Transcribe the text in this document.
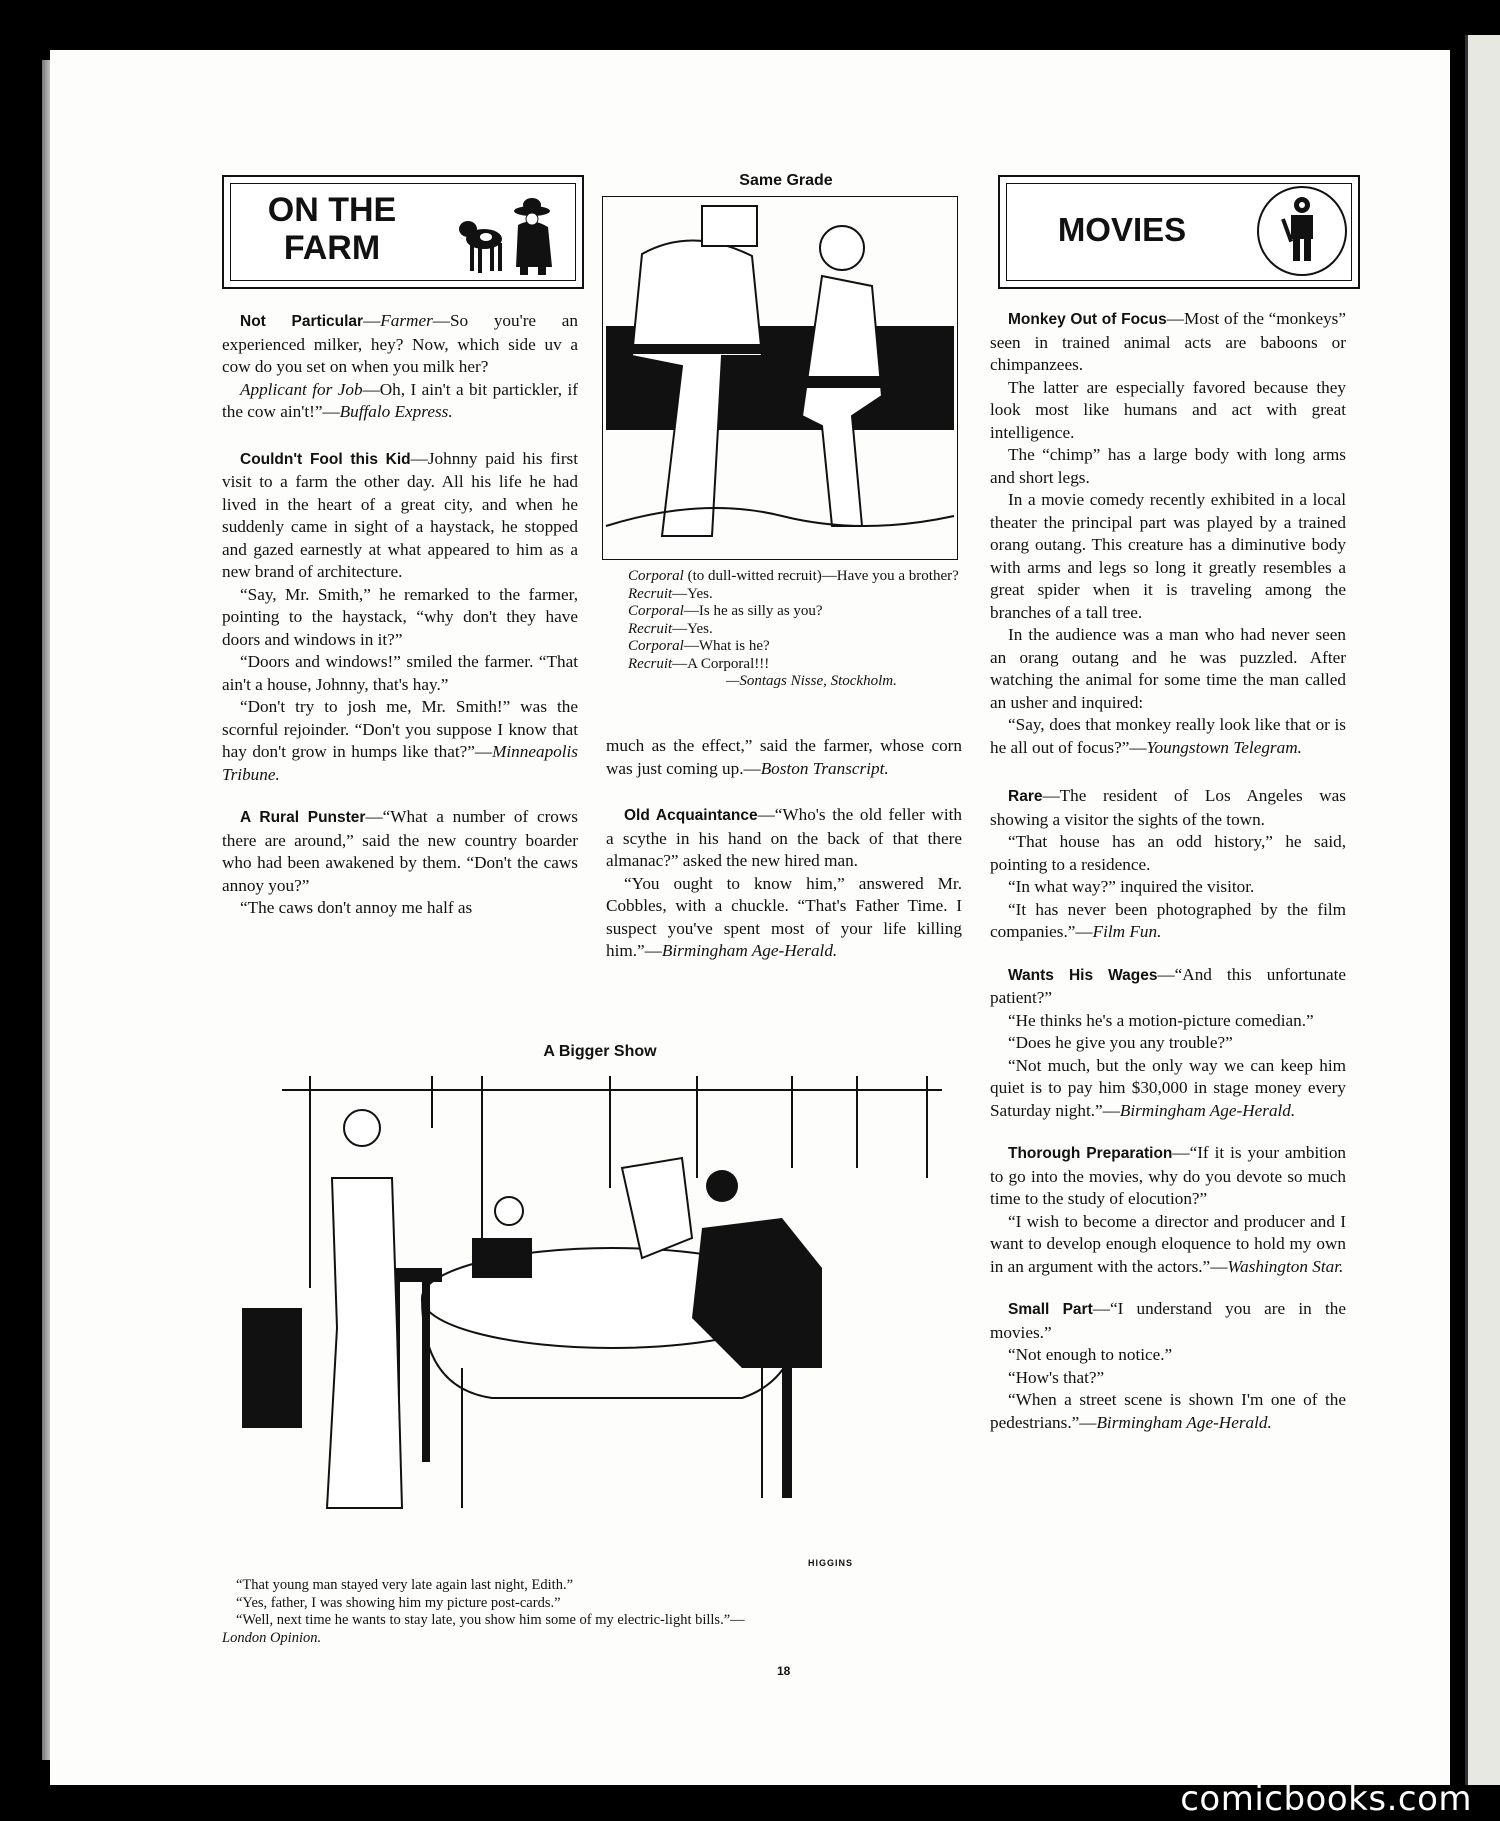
ON THE
FARM	MOVIES
Same Grade
Corporal (to dull-witted recruit)—Have you a brother?
Recruit—Yes.
Corporal—Is he as silly as you?
Recruit—Yes.
Corporal—What is he?
Recruit—A Corporal!!!
—Sontags Nisse, Stockholm.

Not Particular—Farmer—So you're an experienced milker, hey? Now, which side uv a cow do you set on when you milk her?

Applicant for Job—Oh, I ain't a bit partickler, if the cow ain't!”—Buffalo Express.

Couldn't Fool this Kid—Johnny paid his first visit to a farm the other day. All his life he had lived in the heart of a great city, and when he suddenly came in sight of a haystack, he stopped and gazed earnestly at what appeared to him as a new brand of architecture.

“Say, Mr. Smith,” he remarked to the farmer, pointing to the haystack, “why don't they have doors and windows in it?”

“Doors and windows!” smiled the farmer. “That ain't a house, Johnny, that's hay.”

“Don't try to josh me, Mr. Smith!” was the scornful rejoinder. “Don't you suppose I know that hay don't grow in humps like that?”—Minneapolis Tribune.

A Rural Punster—“What a number of crows there are around,” said the new country boarder who had been awakened by them. “Don't the caws annoy you?”

“The caws don't annoy me half as

much as the effect,” said the farmer, whose corn was just coming up.—Boston Transcript.

Old Acquaintance—“Who's the old feller with a scythe in his hand on the back of that there almanac?” asked the new hired man.

“You ought to know him,” answered Mr. Cobbles, with a chuckle. “That's Father Time. I suspect you've spent most of your life killing him.”—Birmingham Age-Herald.

Monkey Out of Focus—Most of the “monkeys” seen in trained animal acts are baboons or chimpanzees.

The latter are especially favored because they look most like humans and act with great intelligence.

The “chimp” has a large body with long arms and short legs.

In a movie comedy recently exhibited in a local theater the principal part was played by a trained orang outang. This creature has a diminutive body with arms and legs so long it greatly resembles a great spider when it is traveling among the branches of a tall tree.

In the audience was a man who had never seen an orang outang and he was puzzled. After watching the animal for some time the man called an usher and inquired:

“Say, does that monkey really look like that or is he all out of focus?”—Youngstown Telegram.

Rare—The resident of Los Angeles was showing a visitor the sights of the town.

“That house has an odd history,” he said, pointing to a residence.

“In what way?” inquired the visitor.

“It has never been photographed by the film companies.”—Film Fun.

Wants His Wages—“And this unfortunate patient?”

“He thinks he's a motion-picture comedian.”

“Does he give you any trouble?”

“Not much, but the only way we can keep him quiet is to pay him $30,000 in stage money every Saturday night.”—Birmingham Age-Herald.

Thorough Preparation—“If it is your ambition to go into the movies, why do you devote so much time to the study of elocution?”

“I wish to become a director and producer and I want to develop enough eloquence to hold my own in an argument with the actors.”—Washington Star.

Small Part—“I understand you are in the movies.”

“Not enough to notice.”

“How's that?”

“When a street scene is shown I'm one of the pedestrians.”—Birmingham Age-Herald.

A Bigger Show
HIGGINS
“That young man stayed very late again last night, Edith.”
“Yes, father, I was showing him my picture post-cards.”
“Well, next time he wants to stay late, you show him some of my electric-light bills.”—
London Opinion.
18
comicbooks.com
